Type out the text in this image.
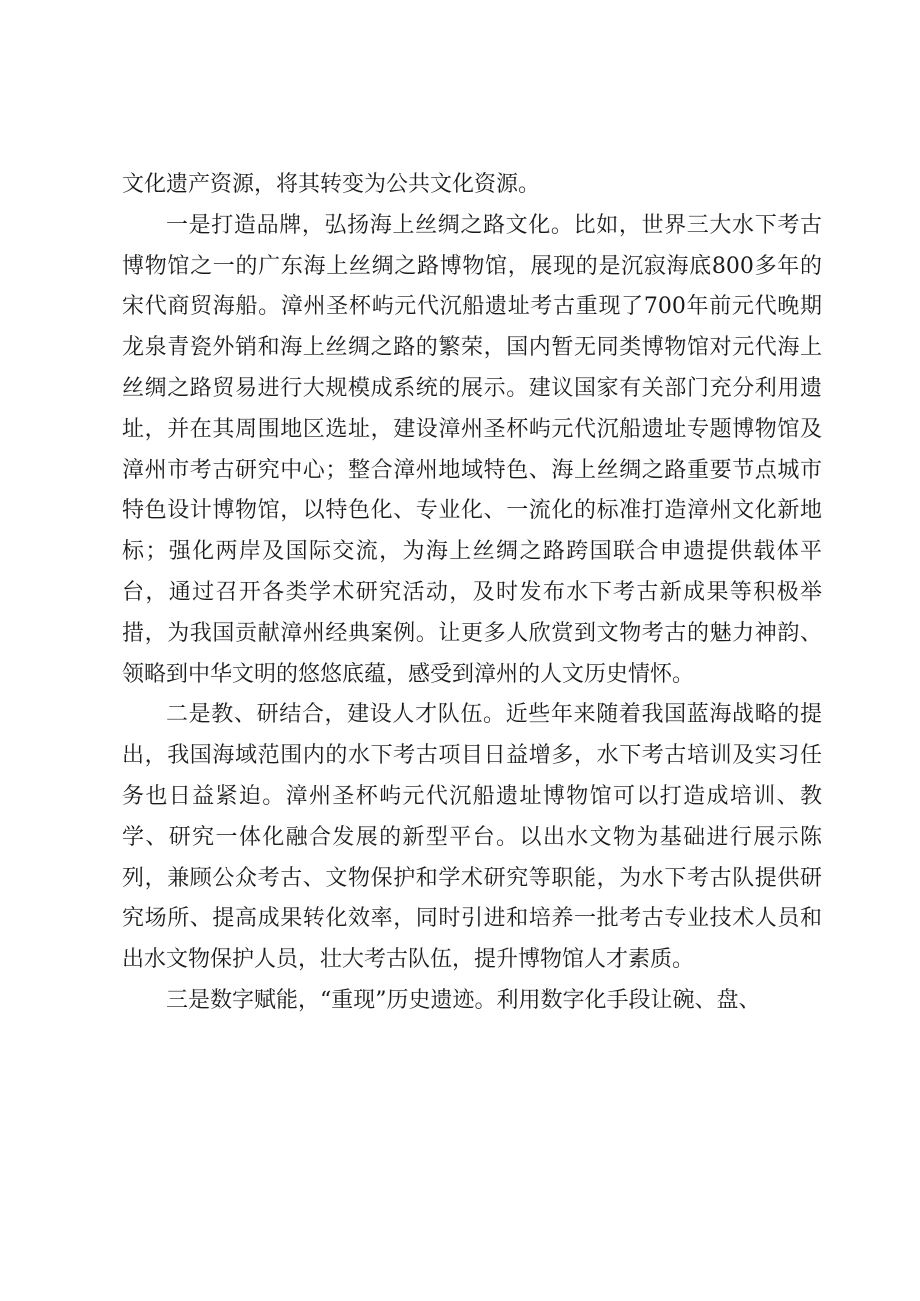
文化遗产资源，将其转变为公共文化资源。

一是打造品牌，弘扬海上丝绸之路文化。比如，世界三大水下考古博物馆之一的广东海上丝绸之路博物馆，展现的是沉寂海底800多年的宋代商贸海船。漳州圣杯屿元代沉船遗址考古重现了700年前元代晚期龙泉青瓷外销和海上丝绸之路的繁荣，国内暂无同类博物馆对元代海上丝绸之路贸易进行大规模成系统的展示。建议国家有关部门充分利用遗址，并在其周围地区选址，建设漳州圣杯屿元代沉船遗址专题博物馆及漳州市考古研究中心；整合漳州地域特色、海上丝绸之路重要节点城市特色设计博物馆，以特色化、专业化、一流化的标准打造漳州文化新地标；强化两岸及国际交流，为海上丝绸之路跨国联合申遗提供载体平台，通过召开各类学术研究活动，及时发布水下考古新成果等积极举措，为我国贡献漳州经典案例。让更多人欣赏到文物考古的魅力神韵、领略到中华文明的悠悠底蕴，感受到漳州的人文历史情怀。

二是教、研结合，建设人才队伍。近些年来随着我国蓝海战略的提出，我国海域范围内的水下考古项目日益增多，水下考古培训及实习任务也日益紧迫。漳州圣杯屿元代沉船遗址博物馆可以打造成培训、教学、研究一体化融合发展的新型平台。以出水文物为基础进行展示陈列，兼顾公众考古、文物保护和学术研究等职能，为水下考古队提供研究场所、提高成果转化效率，同时引进和培养一批考古专业技术人员和出水文物保护人员，壮大考古队伍，提升博物馆人才素质。

三是数字赋能，“重现”历史遗迹。利用数字化手段让碗、盘、
